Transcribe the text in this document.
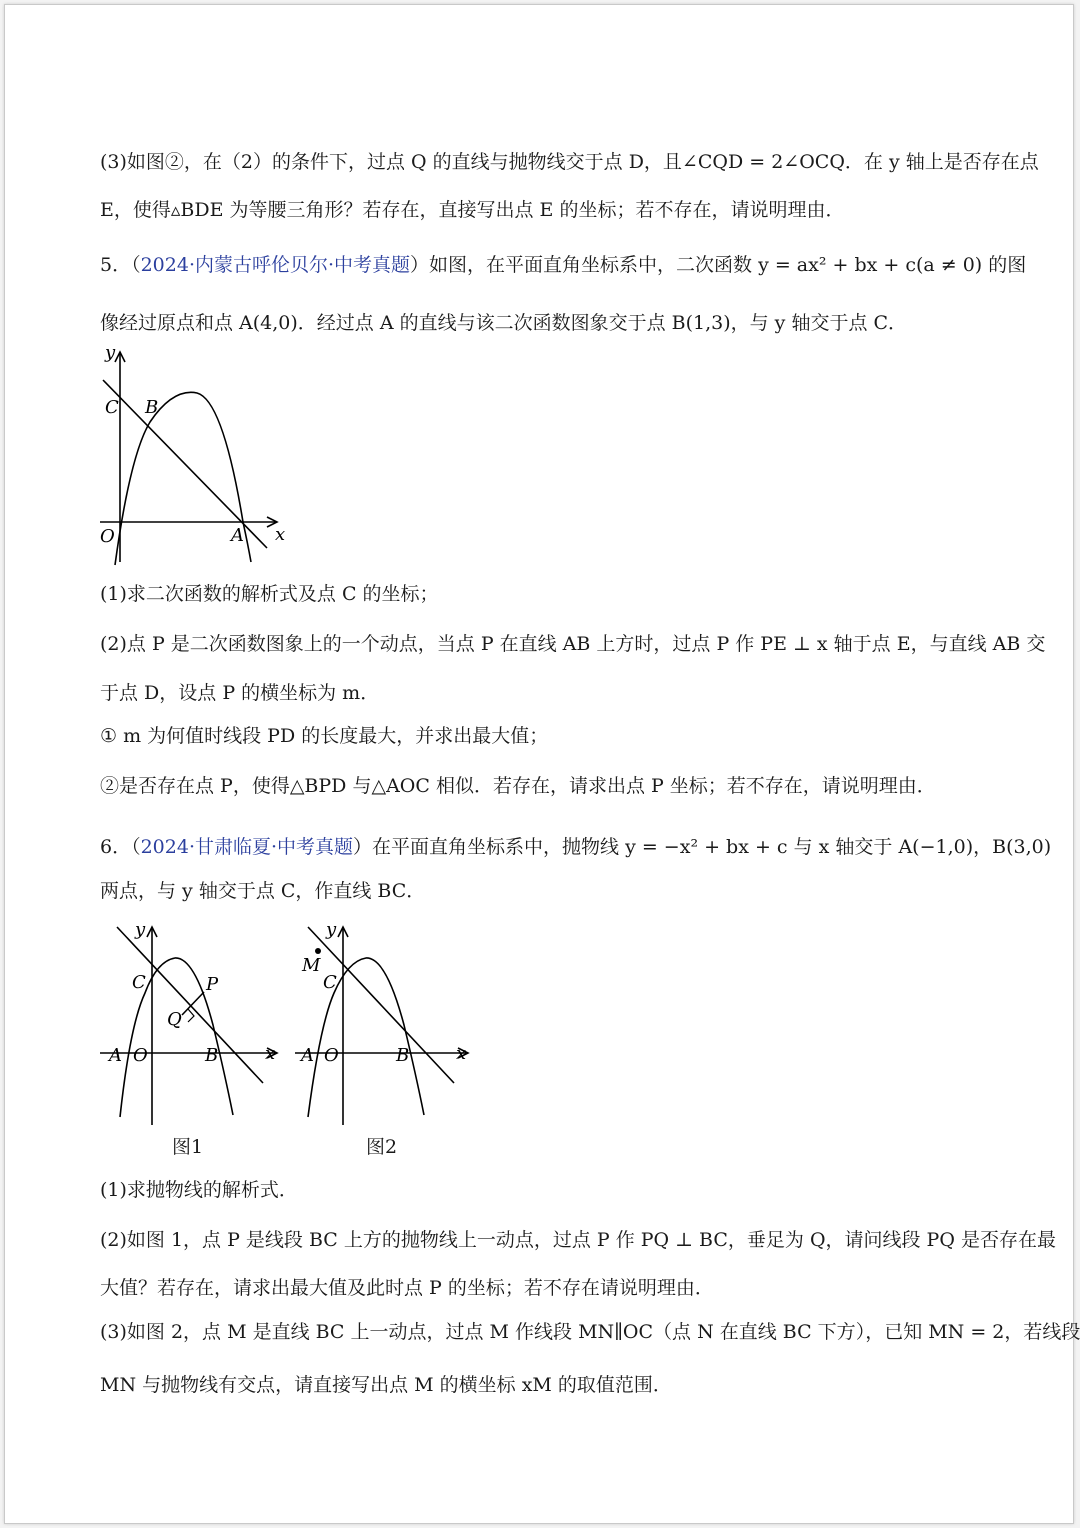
(3)如图②，在（2）的条件下，过点 Q 的直线与抛物线交于点 D，且∠CQD = 2∠OCQ．在 y 轴上是否存在点
E，使得▵BDE 为等腰三角形？若存在，直接写出点 E 的坐标；若不存在，请说明理由．
5．（2024·内蒙古呼伦贝尔·中考真题）如图，在平面直角坐标系中，二次函数 y = ax² + bx + c(a ≠ 0) 的图
像经过原点和点 A(4,0)．经过点 A 的直线与该二次函数图象交于点 B(1,3)，与 y 轴交于点 C．
y
C B
O	A x
(1)求二次函数的解析式及点 C 的坐标；
(2)点 P 是二次函数图象上的一个动点，当点 P 在直线 AB 上方时，过点 P 作 PE ⊥ x 轴于点 E，与直线 AB 交
于点 D，设点 P 的横坐标为 m．
① m 为何值时线段 PD 的长度最大，并求出最大值；
②是否存在点 P，使得△BPD 与△AOC 相似．若存在，请求出点 P 坐标；若不存在，请说明理由．
6．（2024·甘肃临夏·中考真题）在平面直角坐标系中，抛物线 y = −x² + bx + c 与 x 轴交于 A(−1,0)，B(3,0)
两点，与 y 轴交于点 C，作直线 BC．
y
C	P
Q
A O	B	x
y
M
C
A O	B	x
图1	图2
(1)求抛物线的解析式．
(2)如图 1，点 P 是线段 BC 上方的抛物线上一动点，过点 P 作 PQ ⊥ BC，垂足为 Q，请问线段 PQ 是否存在最
大值？若存在，请求出最大值及此时点 P 的坐标；若不存在请说明理由．
(3)如图 2，点 M 是直线 BC 上一动点，过点 M 作线段 MN∥OC（点 N 在直线 BC 下方），已知 MN = 2，若线段
MN 与抛物线有交点，请直接写出点 M 的横坐标 xM 的取值范围．
